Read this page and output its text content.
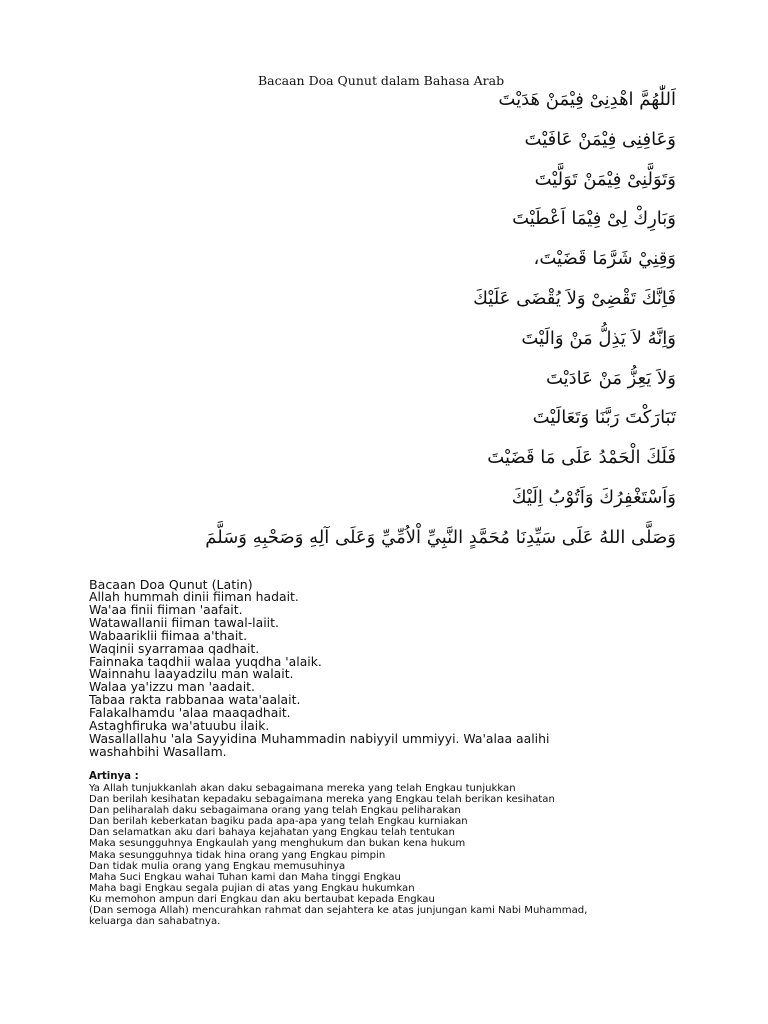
Bacaan Doa Qunut dalam Bahasa Arab
اَللّٰهُمَّ اهْدِنِىْ فِيْمَنْ هَدَيْتَ
وَعَافِنِى فِيْمَنْ عَافَيْتَ
وَتَوَلَّنِىْ فِيْمَنْ تَوَلَّيْتَ
وَبَارِكْ لِىْ فِيْمَا اَعْطَيْتَ
وَقِنِيْ شَرَّمَا قَضَيْتَ،
فَاِنَّكَ تَقْضِىْ وَلاَ يُقْضَى عَلَيْكَ
وَاِنَّهُ لاَ يَذِلُّ مَنْ وَالَيْتَ
وَلاَ يَعِزُّ مَنْ عَادَيْتَ
تَبَارَكْتَ رَبَّنَا وَتَعَالَيْتَ
فَلَكَ الْحَمْدُ عَلَى مَا قَضَيْتَ
وَاَسْتَغْفِرُكَ وَاَتُوْبُ اِلَيْكَ
وَصَلَّى اللهُ عَلَى سَيِّدِنَا مُحَمَّدٍ النَّبِيِّ اْلاُمِّيِّ وَعَلَى آلِهِ وَصَحْبِهِ وَسَلَّمَ
Bacaan Doa Qunut (Latin)
Allah hummah dinii fiiman hadait.
Wa'aa finii fiiman 'aafait.
Watawallanii fiiman tawal-laiit.
Wabaariklii fiimaa a'thait.
Waqinii syarramaa qadhait.
Fainnaka taqdhii walaa yuqdha 'alaik.
Wainnahu laayadzilu man walait.
Walaa ya'izzu man 'aadait.
Tabaa rakta rabbanaa wata'aalait.
Falakalhamdu 'alaa maaqadhait.
Astaghfiruka wa'atuubu ilaik.
Wasallallahu 'ala Sayyidina Muhammadin nabiyyil ummiyyi. Wa'alaa aalihi
washahbihi Wasallam.
Artinya :
Ya Allah tunjukkanlah akan daku sebagaimana mereka yang telah Engkau tunjukkan
Dan berilah kesihatan kepadaku sebagaimana mereka yang Engkau telah berikan kesihatan
Dan peliharalah daku sebagaimana orang yang telah Engkau peliharakan
Dan berilah keberkatan bagiku pada apa-apa yang telah Engkau kurniakan
Dan selamatkan aku dari bahaya kejahatan yang Engkau telah tentukan
Maka sesungguhnya Engkaulah yang menghukum dan bukan kena hukum
Maka sesungguhnya tidak hina orang yang Engkau pimpin
Dan tidak mulia orang yang Engkau memusuhinya
Maha Suci Engkau wahai Tuhan kami dan Maha tinggi Engkau
Maha bagi Engkau segala pujian di atas yang Engkau hukumkan
Ku memohon ampun dari Engkau dan aku bertaubat kepada Engkau
(Dan semoga Allah) mencurahkan rahmat dan sejahtera ke atas junjungan kami Nabi Muhammad,
keluarga dan sahabatnya.
